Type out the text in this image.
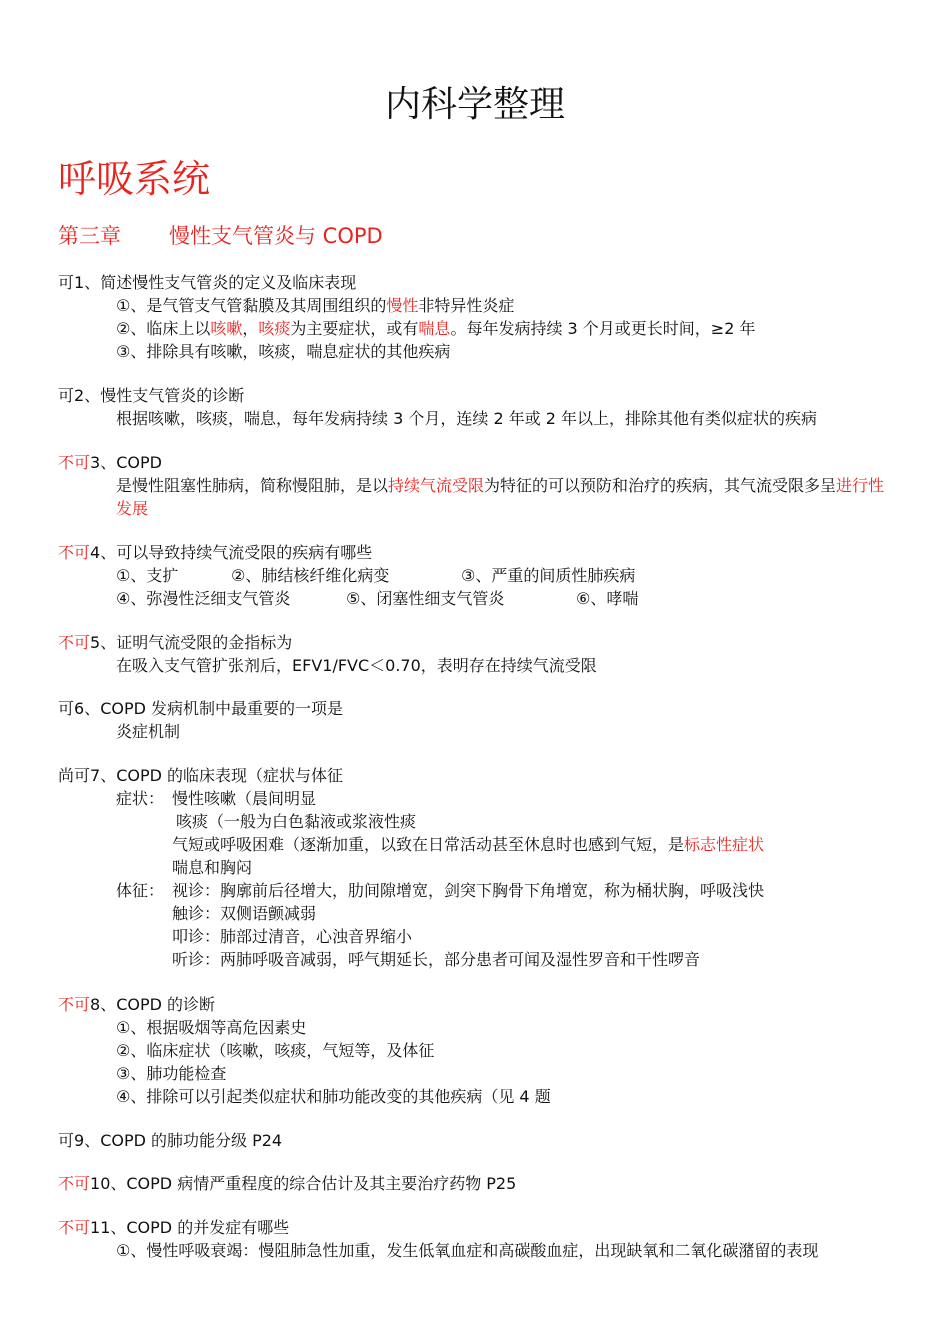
内科学整理
呼吸系统
第三章 慢性支气管炎与 COPD
可1、简述慢性支气管炎的定义及临床表现
①、是气管支气管黏膜及其周围组织的慢性非特异性炎症
②、临床上以咳嗽，咳痰为主要症状，或有喘息。每年发病持续 3 个月或更长时间，≥2 年
③、排除具有咳嗽，咳痰，喘息症状的其他疾病
可2、慢性支气管炎的诊断
根据咳嗽，咳痰，喘息，每年发病持续 3 个月，连续 2 年或 2 年以上，排除其他有类似症状的疾病
不可3、COPD
是慢性阻塞性肺病，简称慢阻肺，是以持续气流受限为特征的可以预防和治疗的疾病，其气流受限多呈进行性发展
不可4、可以导致持续气流受限的疾病有哪些
①、支扩	②、肺结核纤维化病变	③、严重的间质性肺疾病
④、弥漫性泛细支气管炎	⑤、闭塞性细支气管炎	⑥、哮喘
不可5、证明气流受限的金指标为
在吸入支气管扩张剂后，EFV1/FVC＜0.70，表明存在持续气流受限
可6、COPD 发病机制中最重要的一项是
炎症机制
尚可7、COPD 的临床表现（症状与体征
症状： 慢性咳嗽（晨间明显
咳痰（一般为白色黏液或浆液性痰
气短或呼吸困难（逐渐加重，以致在日常活动甚至休息时也感到气短，是标志性症状
喘息和胸闷
体征： 视诊：胸廓前后径增大，肋间隙增宽，剑突下胸骨下角增宽，称为桶状胸，呼吸浅快
触诊：双侧语颤减弱
叩诊：肺部过清音，心浊音界缩小
听诊：两肺呼吸音减弱，呼气期延长，部分患者可闻及湿性罗音和干性啰音
不可8、COPD 的诊断
①、根据吸烟等高危因素史
②、临床症状（咳嗽，咳痰，气短等，及体征
③、肺功能检查
④、排除可以引起类似症状和肺功能改变的其他疾病（见 4 题
可9、COPD 的肺功能分级 P24
不可10、COPD 病情严重程度的综合估计及其主要治疗药物 P25
不可11、COPD 的并发症有哪些
①、慢性呼吸衰竭：慢阻肺急性加重，发生低氧血症和高碳酸血症，出现缺氧和二氧化碳潴留的表现
